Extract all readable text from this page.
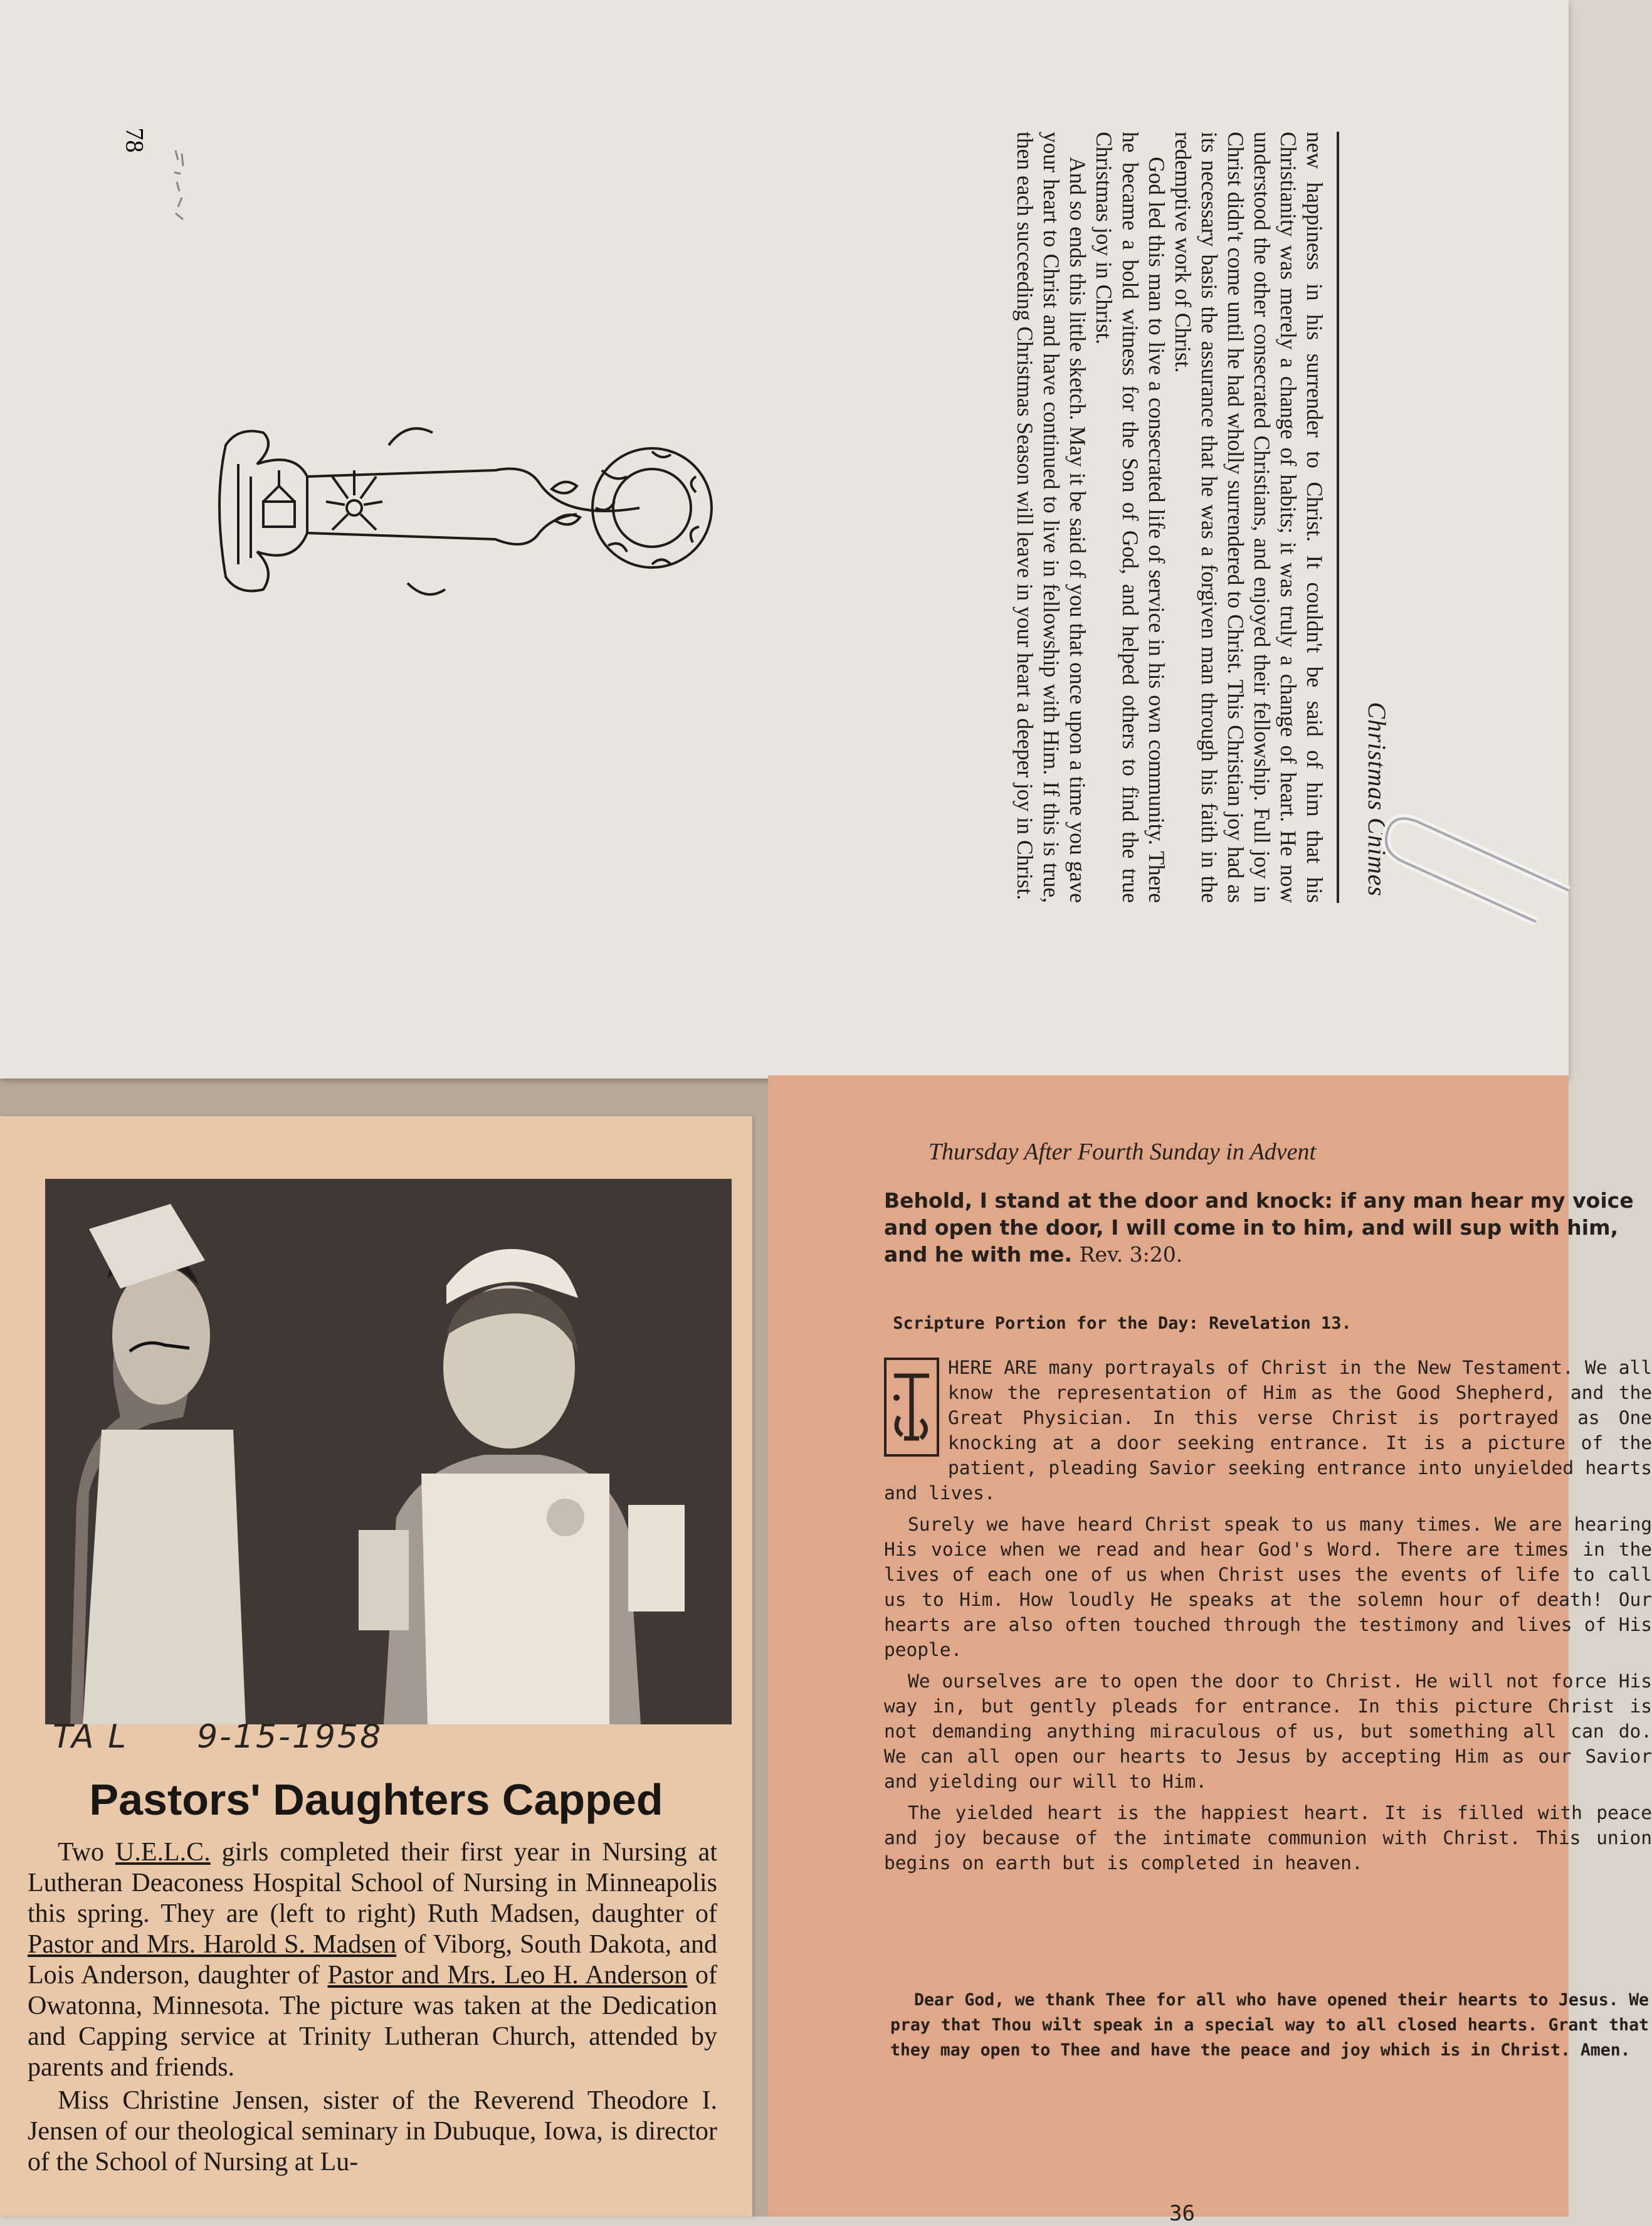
Christmas Chimes

new happiness in his surrender to Christ. It couldn't be said of him that his Christianity was merely a change of habits; it was truly a change of heart. He now understood the other consecrated Christians, and enjoyed their fellowship. Full joy in Christ didn't come until he had wholly surrendered to Christ. This Christian joy had as its necessary basis the assurance that he was a forgiven man through his faith in the redemptive work of Christ.

God led this man to live a consecrated life of service in his own community. There he became a bold witness for the Son of God, and helped others to find the true Christmas joy in Christ.

And so ends this little sketch. May it be said of you that once upon a time you gave your heart to Christ and have continued to live in fellowship with Him. If this is true, then each succeeding Christmas Season will leave in your heart a deeper joy in Christ.

78
TA L 9-15-1958
Pastors' Daughters Capped

Two U.E.L.C. girls completed their first year in Nursing at Lutheran Deaconess Hospital School of Nursing in Minneapolis this spring. They are (left to right) Ruth Madsen, daughter of Pastor and Mrs. Harold S. Madsen of Viborg, South Dakota, and Lois Anderson, daughter of Pastor and Mrs. Leo H. Anderson of Owatonna, Minnesota. The picture was taken at the Dedication and Capping service at Trinity Lutheran Church, attended by parents and friends.

Miss Christine Jensen, sister of the Reverend Theodore I. Jensen of our theological seminary in Dubuque, Iowa, is director of the School of Nursing at Lu-

Thursday After Fourth Sunday in Advent
Behold, I stand at the door and knock: if any man hear my voice and open the door, I will come in to him, and will sup with him, and he with me. Rev. 3:20.
Scripture Portion for the Day: Revelation 13.

HERE ARE many portrayals of Christ in the New Testament. We all know the representation of Him as the Good Shepherd, and the Great Physician. In this verse Christ is portrayed as One knocking at a door seeking entrance. It is a picture of the patient, pleading Savior seeking entrance into unyielded hearts and lives.

Surely we have heard Christ speak to us many times. We are hearing His voice when we read and hear God's Word. There are times in the lives of each one of us when Christ uses the events of life to call us to Him. How loudly He speaks at the solemn hour of death! Our hearts are also often touched through the testimony and lives of His people.

We ourselves are to open the door to Christ. He will not force His way in, but gently pleads for entrance. In this picture Christ is not demanding anything miraculous of us, but something all can do. We can all open our hearts to Jesus by accepting Him as our Savior and yielding our will to Him.

The yielded heart is the happiest heart. It is filled with peace and joy because of the intimate communion with Christ. This union begins on earth but is completed in heaven.

Dear God, we thank Thee for all who have opened their hearts to Jesus. We pray that Thou wilt speak in a special way to all closed hearts. Grant that they may open to Thee and have the peace and joy which is in Christ. Amen.
36
